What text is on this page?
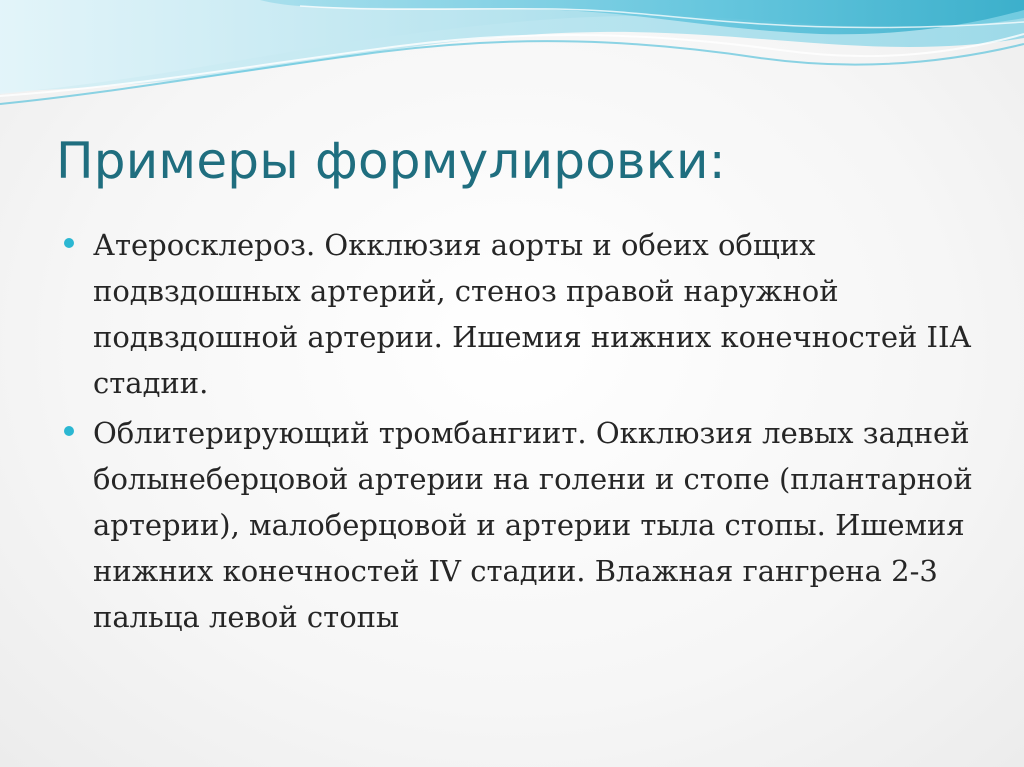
Примеры формулировки:
Атеросклероз. Окклюзия аорты и обеих общих подвздошных артерий, стеноз правой наружной подвздошной артерии. Ишемия нижних конечностей IIА стадии.
Облитерирующий тромбангиит. Окклюзия левых задней болынеберцовой артерии на голени и стопе (плантарной артерии), малоберцовой и артерии тыла стопы. Ишемия нижних конечностей IV стадии. Влажная гангрена 2-3 пальца левой стопы
